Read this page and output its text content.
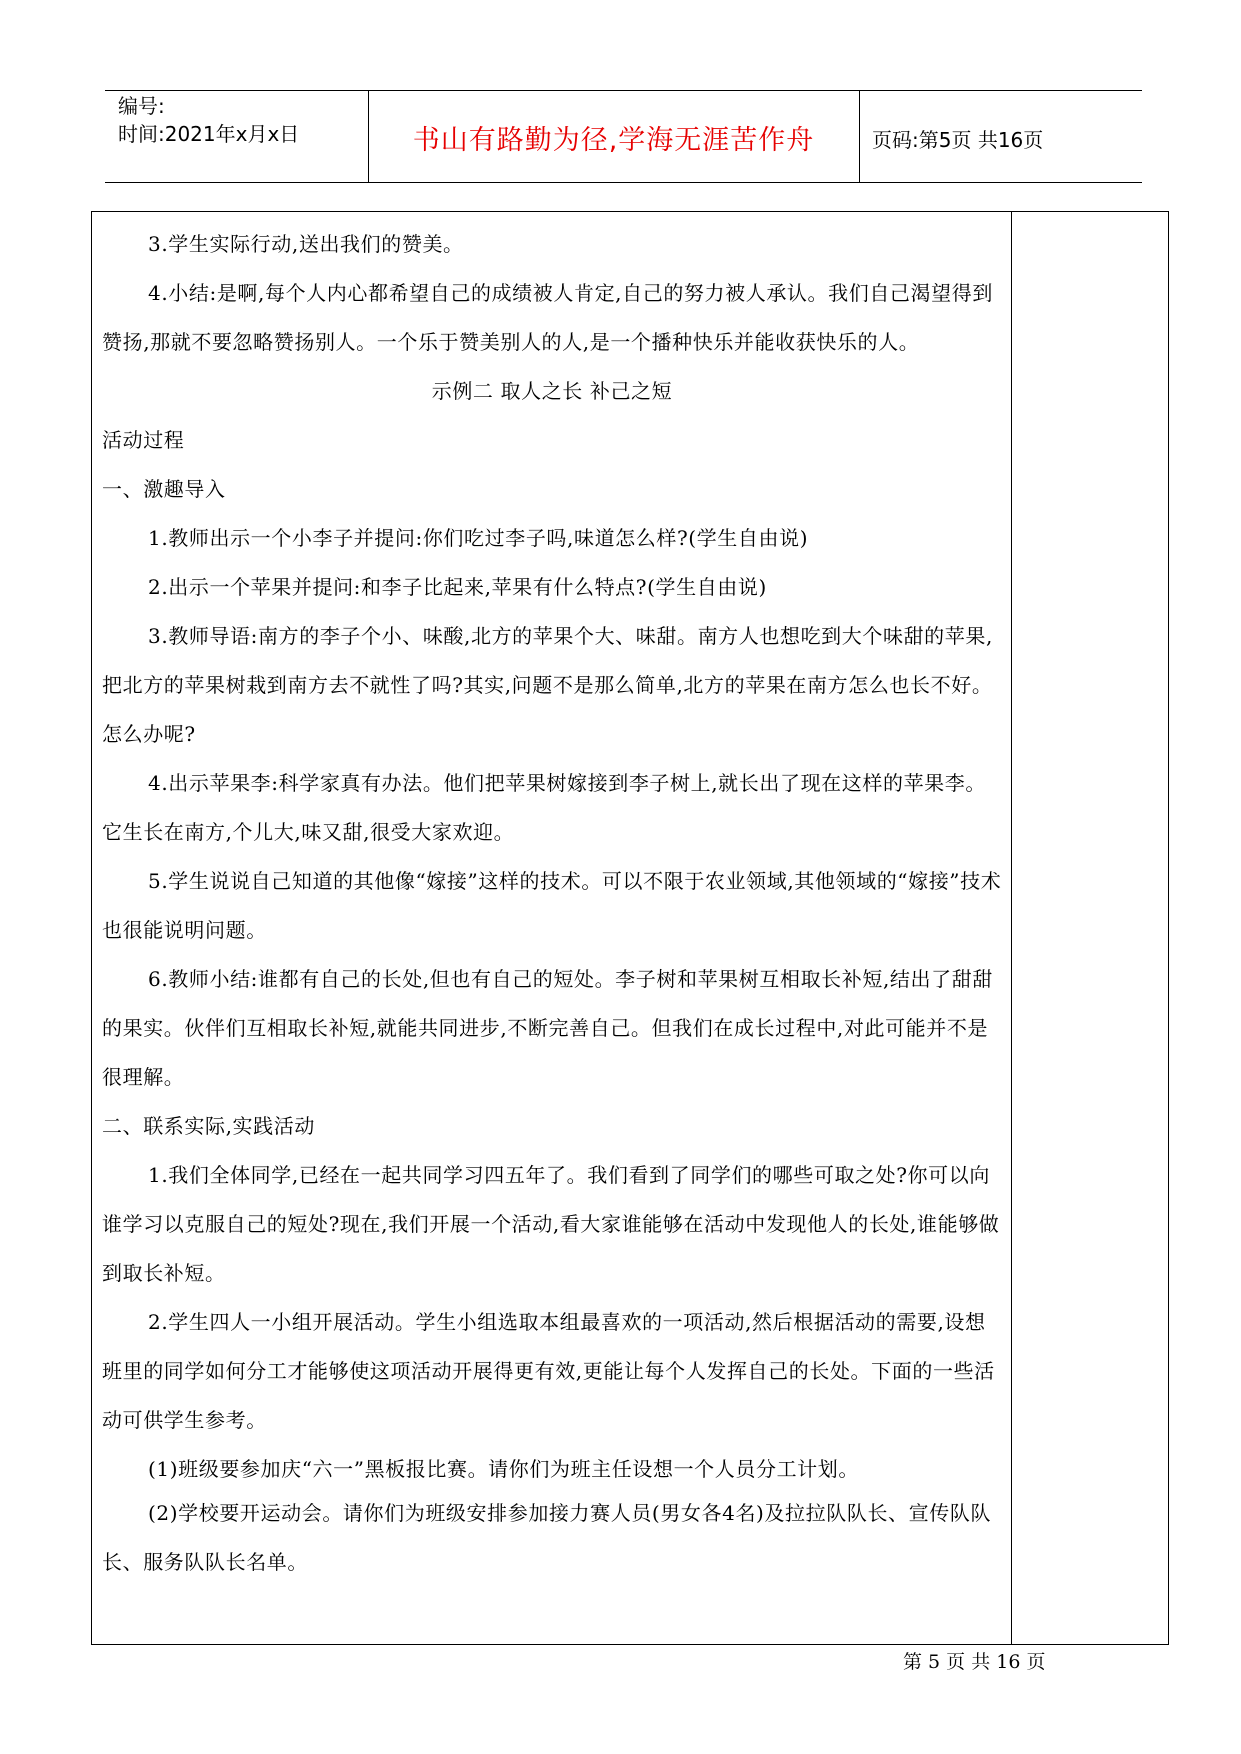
编号:
时间:2021年x月x日	书山有路勤为径,学海无涯苦作舟	页码:第5页 共16页

3.学生实际行动,送出我们的赞美。

4.小结:是啊,每个人内心都希望自己的成绩被人肯定,自己的努力被人承认。我们自己渴望得到赞扬,那就不要忽略赞扬别人。一个乐于赞美别人的人,是一个播种快乐并能收获快乐的人。

示例二 取人之长 补己之短

活动过程

一、激趣导入

1.教师出示一个小李子并提问:你们吃过李子吗,味道怎么样?(学生自由说)

2.出示一个苹果并提问:和李子比起来,苹果有什么特点?(学生自由说)

3.教师导语:南方的李子个小、味酸,北方的苹果个大、味甜。南方人也想吃到大个味甜的苹果,把北方的苹果树栽到南方去不就性了吗?其实,问题不是那么简单,北方的苹果在南方怎么也长不好。怎么办呢?

4.出示苹果李:科学家真有办法。他们把苹果树嫁接到李子树上,就长出了现在这样的苹果李。它生长在南方,个儿大,味又甜,很受大家欢迎。

5.学生说说自己知道的其他像“嫁接”这样的技术。可以不限于农业领域,其他领域的“嫁接”技术也很能说明问题。

6.教师小结:谁都有自己的长处,但也有自己的短处。李子树和苹果树互相取长补短,结出了甜甜的果实。伙伴们互相取长补短,就能共同进步,不断完善自己。但我们在成长过程中,对此可能并不是很理解。

二、联系实际,实践活动

1.我们全体同学,已经在一起共同学习四五年了。我们看到了同学们的哪些可取之处?你可以向谁学习以克服自己的短处?现在,我们开展一个活动,看大家谁能够在活动中发现他人的长处,谁能够做到取长补短。

2.学生四人一小组开展活动。学生小组选取本组最喜欢的一项活动,然后根据活动的需要,设想班里的同学如何分工才能够使这项活动开展得更有效,更能让每个人发挥自己的长处。下面的一些活动可供学生参考。

(1)班级要参加庆“六一”黑板报比赛。请你们为班主任设想一个人员分工计划。

(2)学校要开运动会。请你们为班级安排参加接力赛人员(男女各4名)及拉拉队队长、宣传队队长、服务队队长名单。

第 5 页 共 16 页
